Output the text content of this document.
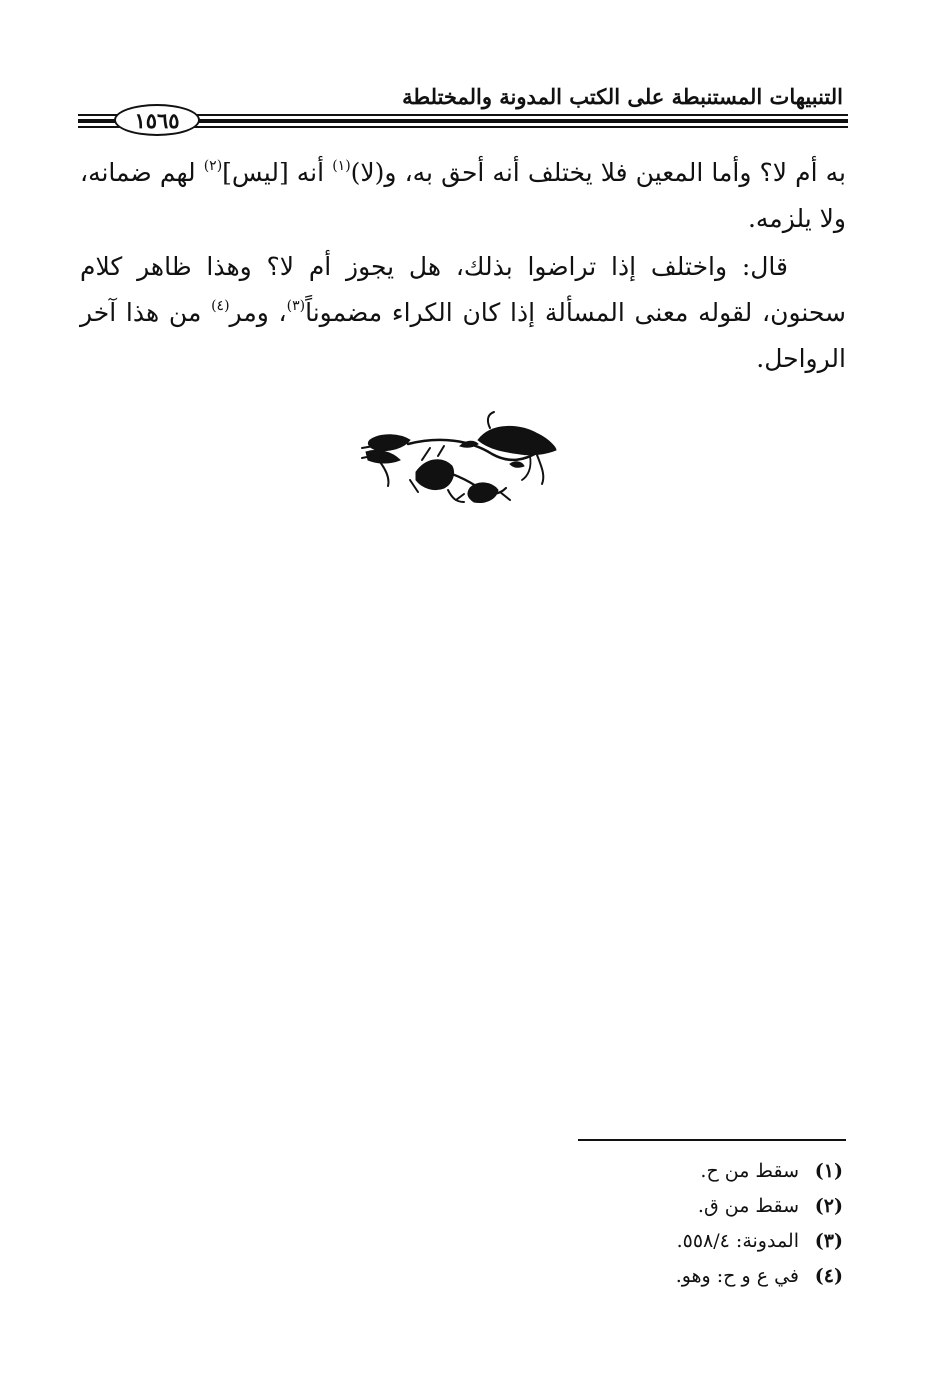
التنبيهات المستنبطة على الكتب المدونة والمختلطة
١٥٦٥

به أم لا؟ وأما المعين فلا يختلف أنه أحق به، و(لا)$^{(١)}$ أنه [ليس]$^{(٢)}$ لهم ضمانه، ولا يلزمه.

قال: واختلف إذا تراضوا بذلك، هل يجوز أم لا؟ وهذا ظاهر كلام سحنون، لقوله معنى المسألة إذا كان الكراء مضموناً$^{(٣)}$، ومر$^{(٤)}$ من هذا آخر الرواحل.

(١)سقط من ح.
(٢)سقط من ق.
(٣)المدونة: ٥٥٨/٤.
(٤)في ع و ح: وهو.
